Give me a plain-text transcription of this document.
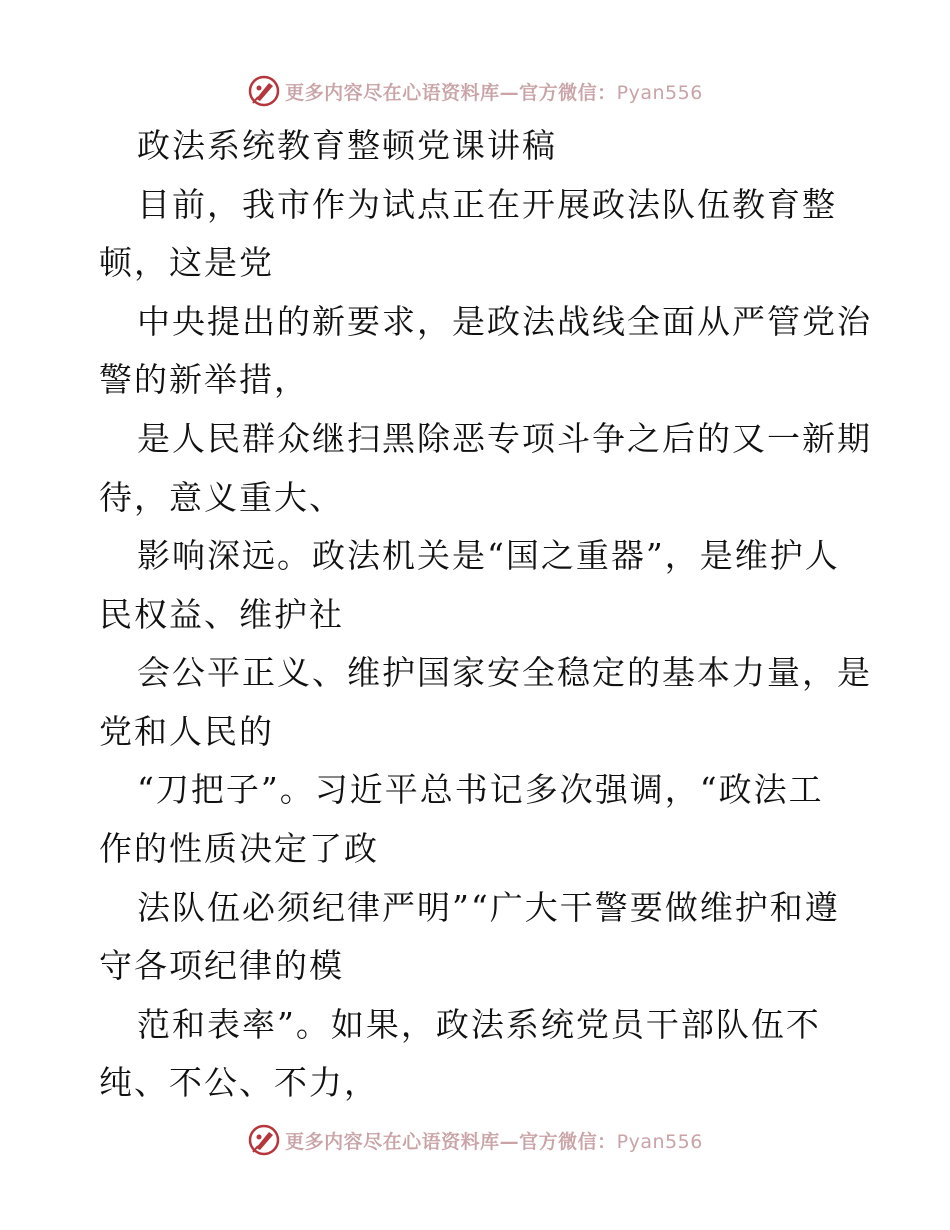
更多内容尽在心语资料库—官方微信：Pyan556
政法系统教育整顿党课讲稿
目前，我市作为试点正在开展政法队伍教育整
顿，这是党
中央提出的新要求，是政法战线全面从严管党治
警的新举措，
是人民群众继扫黑除恶专项斗争之后的又一新期
待，意义重大、
影响深远。政法机关是“国之重器”，是维护人
民权益、维护社
会公平正义、维护国家安全稳定的基本力量，是
党和人民的
“刀把子”。习近平总书记多次强调，“政法工
作的性质决定了政
法队伍必须纪律严明”“广大干警要做维护和遵
守各项纪律的模
范和表率”。如果，政法系统党员干部队伍不
纯、不公、不力，
更多内容尽在心语资料库—官方微信：Pyan556
